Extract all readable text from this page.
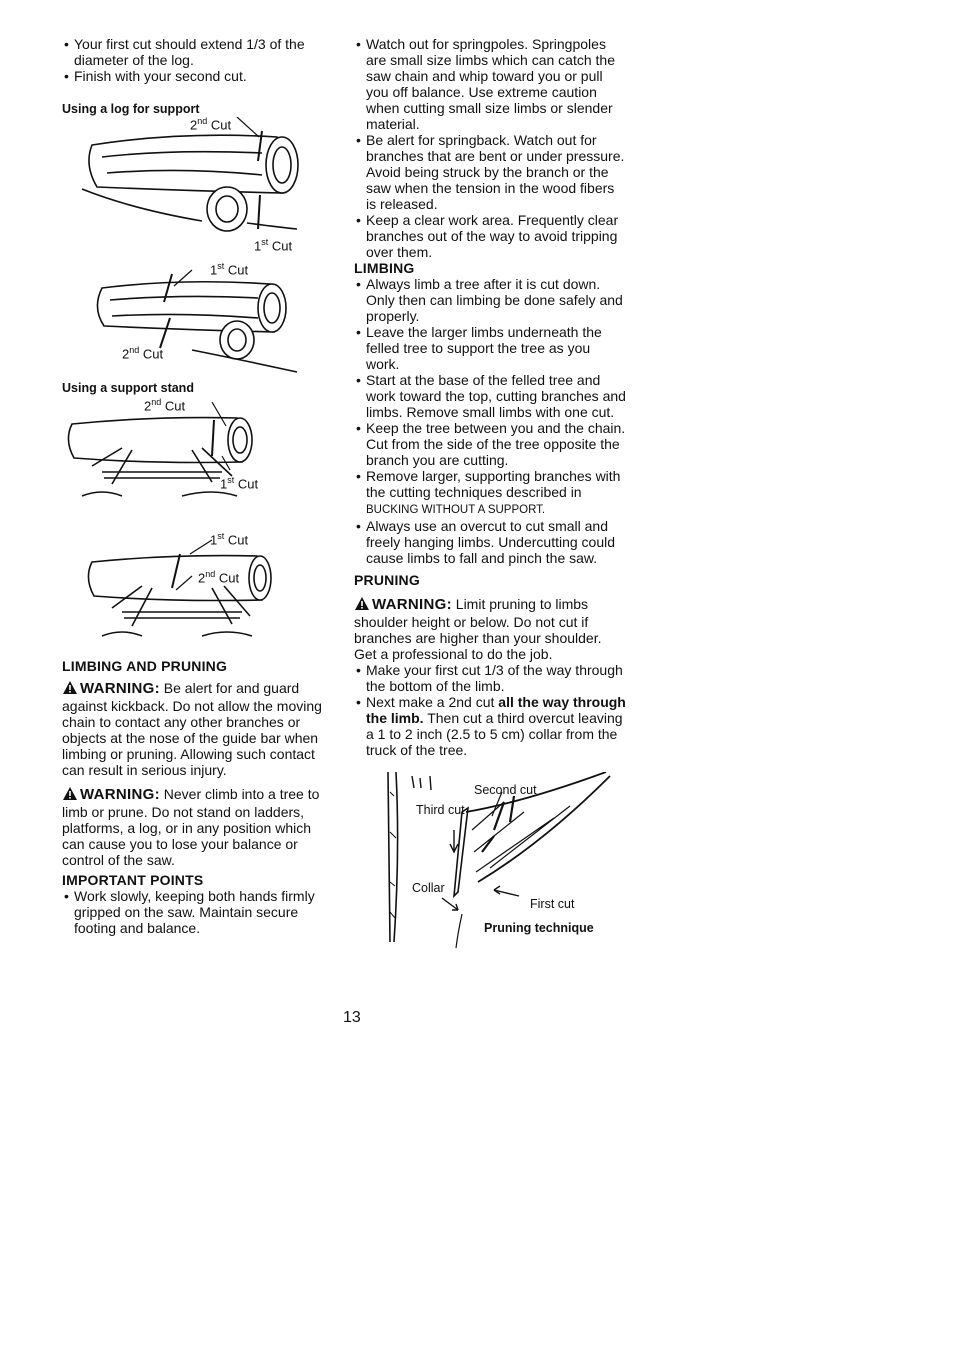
• Your first cut should extend 1/3 of the diameter of the log.
• Finish with your second cut.

Using a log for support

2nd Cut
1st Cut
1st Cut
2nd Cut

Using a support stand

2nd Cut
1st Cut
1st Cut
2nd Cut

LIMBING AND PRUNING

WARNING: Be alert for and guard against kickback. Do not allow the moving chain to contact any other branches or objects at the nose of the guide bar when limbing or pruning. Allowing such contact can result in serious injury.

WARNING: Never climb into a tree to limb or prune. Do not stand on ladders, platforms, a log, or in any position which can cause you to lose your balance or control of the saw.

IMPORTANT POINTS

• Work slowly, keeping both hands firmly gripped on the saw. Maintain secure footing and balance.
• Watch out for springpoles. Springpoles are small size limbs which can catch the saw chain and whip toward you or pull you off balance. Use extreme caution when cutting small size limbs or slender material.
• Be alert for springback. Watch out for branches that are bent or under pressure. Avoid being struck by the branch or the saw when the tension in the wood fibers is released.
• Keep a clear work area. Frequently clear branches out of the way to avoid tripping over them.

LIMBING

• Always limb a tree after it is cut down. Only then can limbing be done safely and properly.
• Leave the larger limbs underneath the felled tree to support the tree as you work.
• Start at the base of the felled tree and work toward the top, cutting branches and limbs. Remove small limbs with one cut.
• Keep the tree between you and the chain. Cut from the side of the tree opposite the branch you are cutting.
• Remove larger, supporting branches with the cutting techniques described in BUCKING WITHOUT A SUPPORT.
• Always use an overcut to cut small and freely hanging limbs. Undercutting could cause limbs to fall and pinch the saw.

PRUNING

WARNING: Limit pruning to limbs shoulder height or below. Do not cut if branches are higher than your shoulder. Get a professional to do the job.

• Make your first cut 1/3 of the way through the bottom of the limb.
• Next make a 2nd cut all the way through the limb. Then cut a third overcut leaving a 1 to 2 inch (2.5 to 5 cm) collar from the truck of the tree.
Second cut
Third cut
Collar
First cut
Pruning technique
13
